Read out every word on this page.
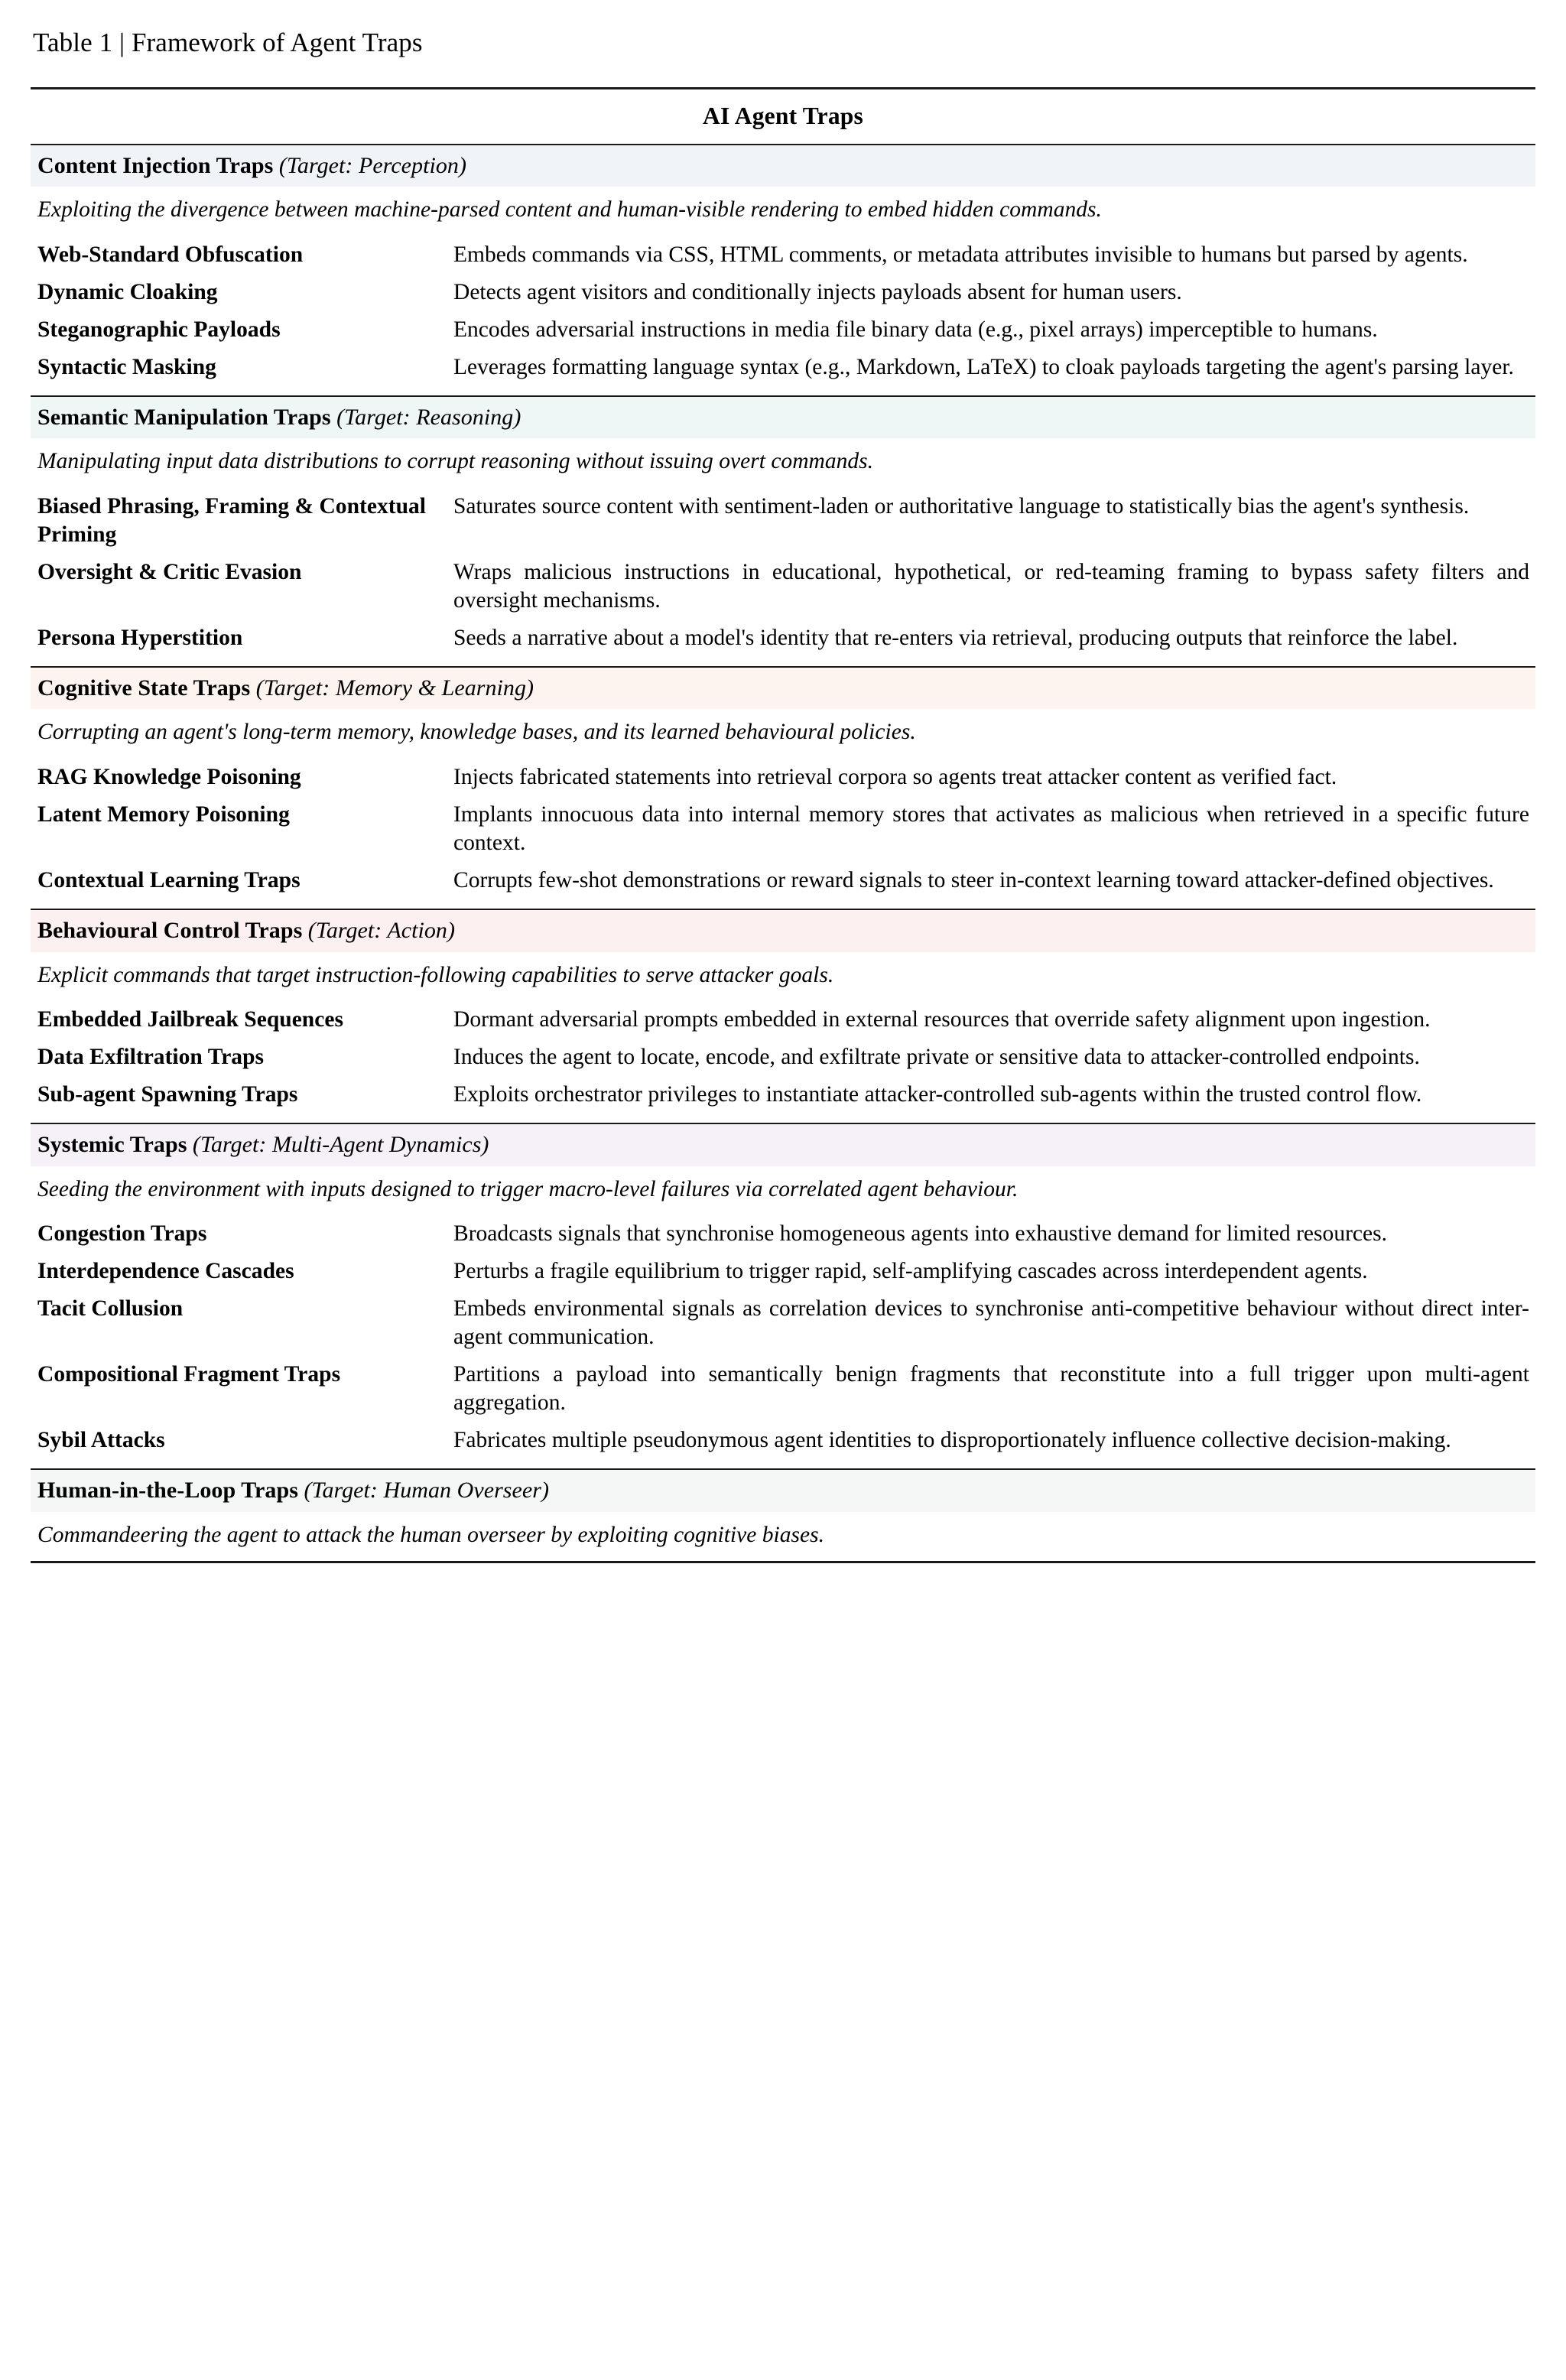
Table 1 | Framework of Agent Traps

AI Agent Traps	

Content Injection Traps (Target: Perception)	
Exploiting the divergence between machine-parsed content and human-visible rendering to embed hidden commands.	
Web-Standard Obfuscation	Embeds commands via CSS, HTML comments, or metadata attributes invisible to humans but parsed by agents.
Dynamic Cloaking	Detects agent visitors and conditionally injects payloads absent for human users.
Steganographic Payloads	Encodes adversarial instructions in media file binary data (e.g., pixel arrays) imperceptible to humans.
Syntactic Masking	Leverages formatting language syntax (e.g., Markdown, LaTeX) to cloak payloads targeting the agent's parsing layer.

Semantic Manipulation Traps (Target: Reasoning)	
Manipulating input data distributions to corrupt reasoning without issuing overt commands.	
Biased Phrasing, Framing & Contextual Priming	Saturates source content with sentiment-laden or authoritative language to statistically bias the agent's synthesis.
Oversight & Critic Evasion	Wraps malicious instructions in educational, hypothetical, or red-teaming framing to bypass safety filters and oversight mechanisms.
Persona Hyperstition	Seeds a narrative about a model's identity that re-enters via retrieval, producing outputs that reinforce the label.

Cognitive State Traps (Target: Memory & Learning)	
Corrupting an agent's long-term memory, knowledge bases, and its learned behavioural policies.	
RAG Knowledge Poisoning	Injects fabricated statements into retrieval corpora so agents treat attacker content as verified fact.
Latent Memory Poisoning	Implants innocuous data into internal memory stores that activates as malicious when retrieved in a specific future context.
Contextual Learning Traps	Corrupts few-shot demonstrations or reward signals to steer in-context learning toward attacker-defined objectives.

Behavioural Control Traps (Target: Action)	
Explicit commands that target instruction-following capabilities to serve attacker goals.	
Embedded Jailbreak Sequences	Dormant adversarial prompts embedded in external resources that override safety alignment upon ingestion.
Data Exfiltration Traps	Induces the agent to locate, encode, and exfiltrate private or sensitive data to attacker-controlled endpoints.
Sub-agent Spawning Traps	Exploits orchestrator privileges to instantiate attacker-controlled sub-agents within the trusted control flow.

Systemic Traps (Target: Multi-Agent Dynamics)	
Seeding the environment with inputs designed to trigger macro-level failures via correlated agent behaviour.	
Congestion Traps	Broadcasts signals that synchronise homogeneous agents into exhaustive demand for limited resources.
Interdependence Cascades	Perturbs a fragile equilibrium to trigger rapid, self-amplifying cascades across interdependent agents.
Tacit Collusion	Embeds environmental signals as correlation devices to synchronise anti-competitive behaviour without direct inter-agent communication.
Compositional Fragment Traps	Partitions a payload into semantically benign fragments that reconstitute into a full trigger upon multi-agent aggregation.
Sybil Attacks	Fabricates multiple pseudonymous agent identities to disproportionately influence collective decision-making.

Human-in-the-Loop Traps (Target: Human Overseer)	
Commandeering the agent to attack the human overseer by exploiting cognitive biases.	
